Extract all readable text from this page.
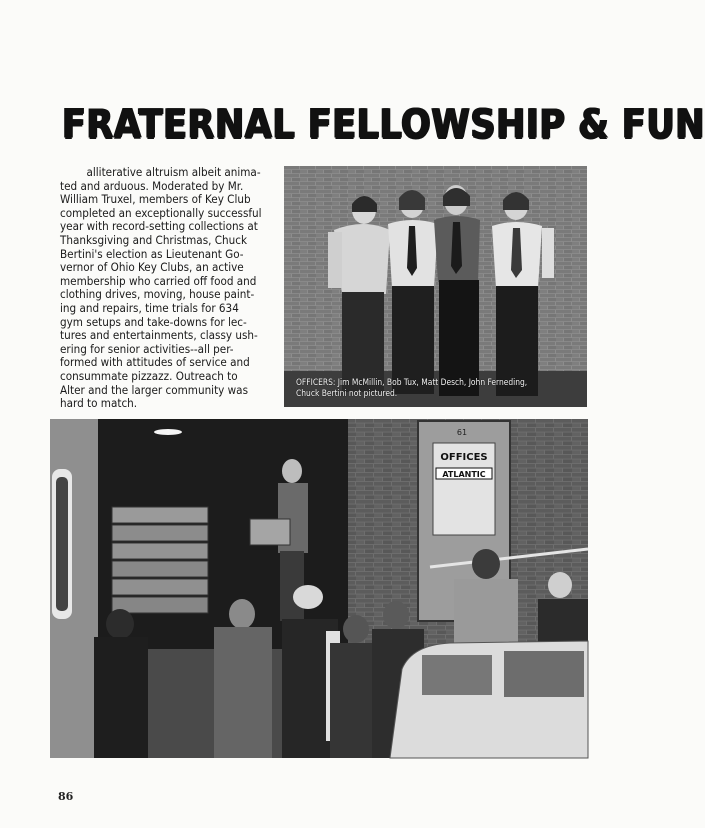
FRATERNAL FELLOWSHIP & FUN
alliterative altruism albeit anima-
ted and arduous. Moderated by Mr.
William Truxel, members of Key Club
completed an exceptionally successful
year with record-setting collections at
Thanksgiving and Christmas, Chuck
Bertini's election as Lieutenant Go-
vernor of Ohio Key Clubs, an active
membership who carried off food and
clothing drives, moving, house paint-
ing and repairs, time trials for 634
gym setups and take-downs for lec-
tures and entertainments, classy ush-
ering for senior activities--all per-
formed with attitudes of service and
consummate pizzazz. Outreach to
Alter and the larger community was
hard to match.

OFFICERS: Jim McMillin, Bob Tux, Matt Desch, John Ferneding,
Chuck Bertini not pictured.

OFFICES
ATLANTIC
61
86
